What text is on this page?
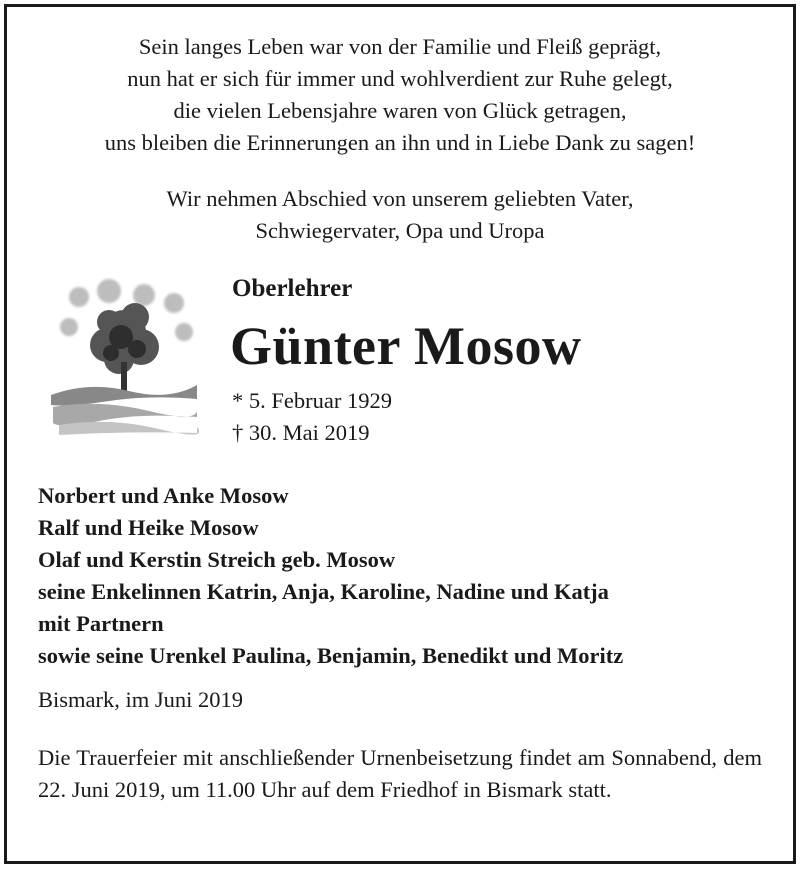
Sein langes Leben war von der Familie und Fleiß geprägt,
nun hat er sich für immer und wohlverdient zur Ruhe gelegt,
die vielen Lebensjahre waren von Glück getragen,
uns bleiben die Erinnerungen an ihn und in Liebe Dank zu sagen!
Wir nehmen Abschied von unserem geliebten Vater,
Schwiegervater, Opa und Uropa
Oberlehrer
Günter Mosow
* 5. Februar 1929
† 30. Mai 2019
Norbert und Anke Mosow
Ralf und Heike Mosow
Olaf und Kerstin Streich geb. Mosow
seine Enkelinnen Katrin, Anja, Karoline, Nadine und Katja
mit Partnern
sowie seine Urenkel Paulina, Benjamin, Benedikt und Moritz
Bismark, im Juni 2019
Die Trauerfeier mit anschließender Urnenbeisetzung findet am Sonnabend, dem 22. Juni 2019, um 11.00 Uhr auf dem Friedhof in Bismark statt.
